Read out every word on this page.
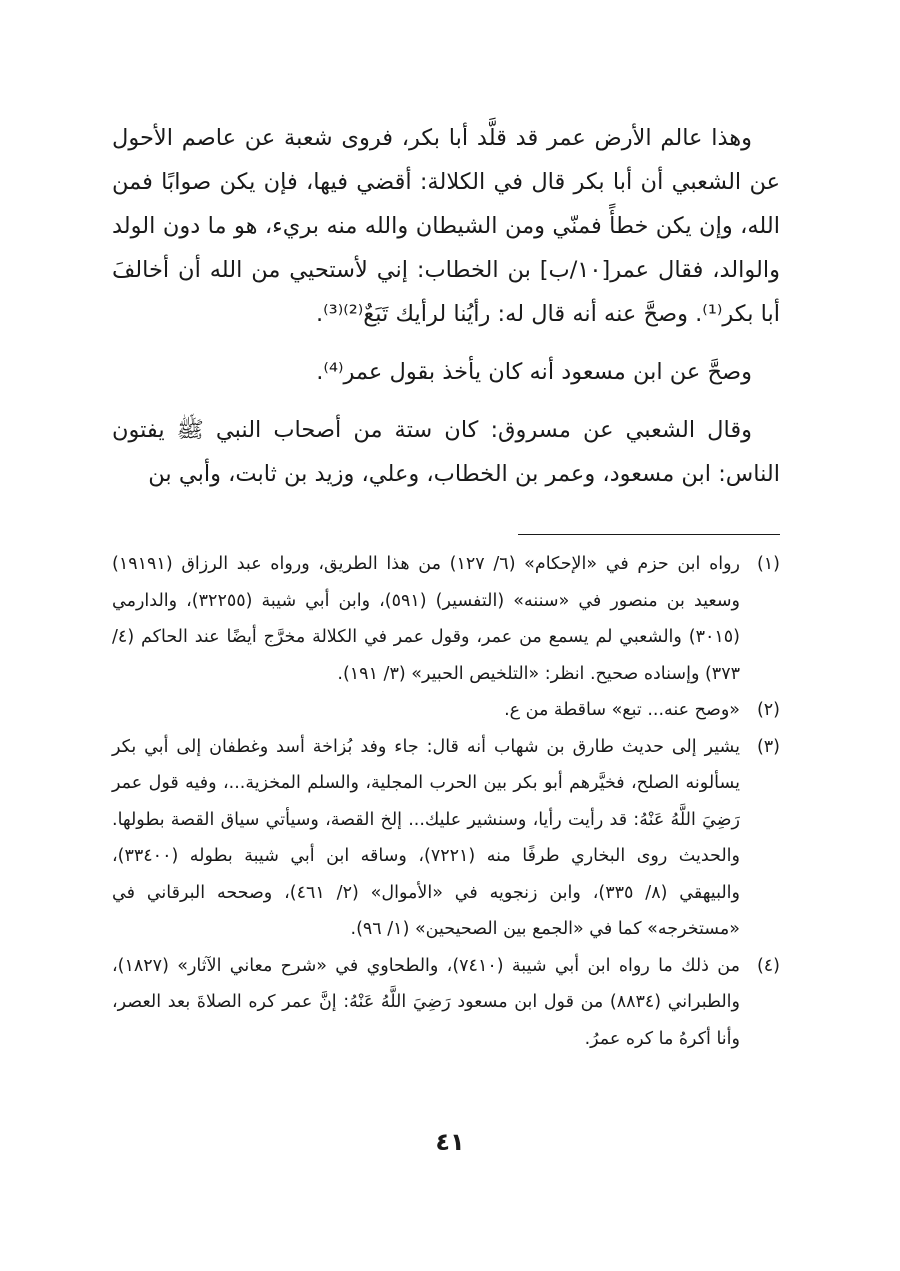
وهذا عالم الأرض عمر قد قلَّد أبا بكر، فروى شعبة عن عاصم الأحول عن الشعبي أن أبا بكر قال في الكلالة: أقضي فيها، فإن يكن صوابًا فمن الله، وإن يكن خطأً فمنّي ومن الشيطان والله منه بريء، هو ما دون الولد والوالد، فقال عمر[١٠/ب] بن الخطاب: إني لأستحيي من الله أن أخالفَ أبا بكر⁽¹⁾. وصحَّ عنه أنه قال له: رأيُنا لرأيك تَبَعٌ⁽²⁾⁽³⁾.

وصحَّ عن ابن مسعود أنه كان يأخذ بقول عمر⁽⁴⁾.

وقال الشعبي عن مسروق: كان ستة من أصحاب النبي ﷺ يفتون الناس: ابن مسعود، وعمر بن الخطاب، وعلي، وزيد بن ثابت، وأبي بن

(١)
رواه ابن حزم في «الإحكام» (٦/ ١٢٧) من هذا الطريق، ورواه عبد الرزاق (١٩١٩١) وسعيد بن منصور في «سننه» (التفسير) (٥٩١)، وابن أبي شيبة (٣٢٢٥٥)، والدارمي (٣٠١٥) والشعبي لم يسمع من عمر، وقول عمر في الكلالة مخرَّج أيضًا عند الحاكم (٤/ ٣٧٣) وإسناده صحيح. انظر: «التلخيص الحبير» (٣/ ١٩١).
(٢)
«وصح عنه... تبع» ساقطة من ع.
(٣)
يشير إلى حديث طارق بن شهاب أنه قال: جاء وفد بُزاخة أسد وغطفان إلى أبي بكر يسألونه الصلح، فخيَّرهم أبو بكر بين الحرب المجلية، والسلم المخزية...، وفيه قول عمر رَضِيَ اللَّهُ عَنْهُ: قد رأيت رأيا، وسنشير عليك... إلخ القصة، وسيأتي سياق القصة بطولها. والحديث روى البخاري طرفًا منه (٧٢٢١)، وساقه ابن أبي شيبة بطوله (٣٣٤٠٠)، والبيهقي (٨/ ٣٣٥)، وابن زنجويه في «الأموال» (٢/ ٤٦١)، وصححه البرقاني في «مستخرجه» كما في «الجمع بين الصحيحين» (١/ ٩٦).
(٤)
من ذلك ما رواه ابن أبي شيبة (٧٤١٠)، والطحاوي في «شرح معاني الآثار» (١٨٢٧)، والطبراني (٨٨٣٤) من قول ابن مسعود رَضِيَ اللَّهُ عَنْهُ: إنَّ عمر كره الصلاةَ بعد العصر، وأنا أكرهُ ما كره عمرُ.
٤١
